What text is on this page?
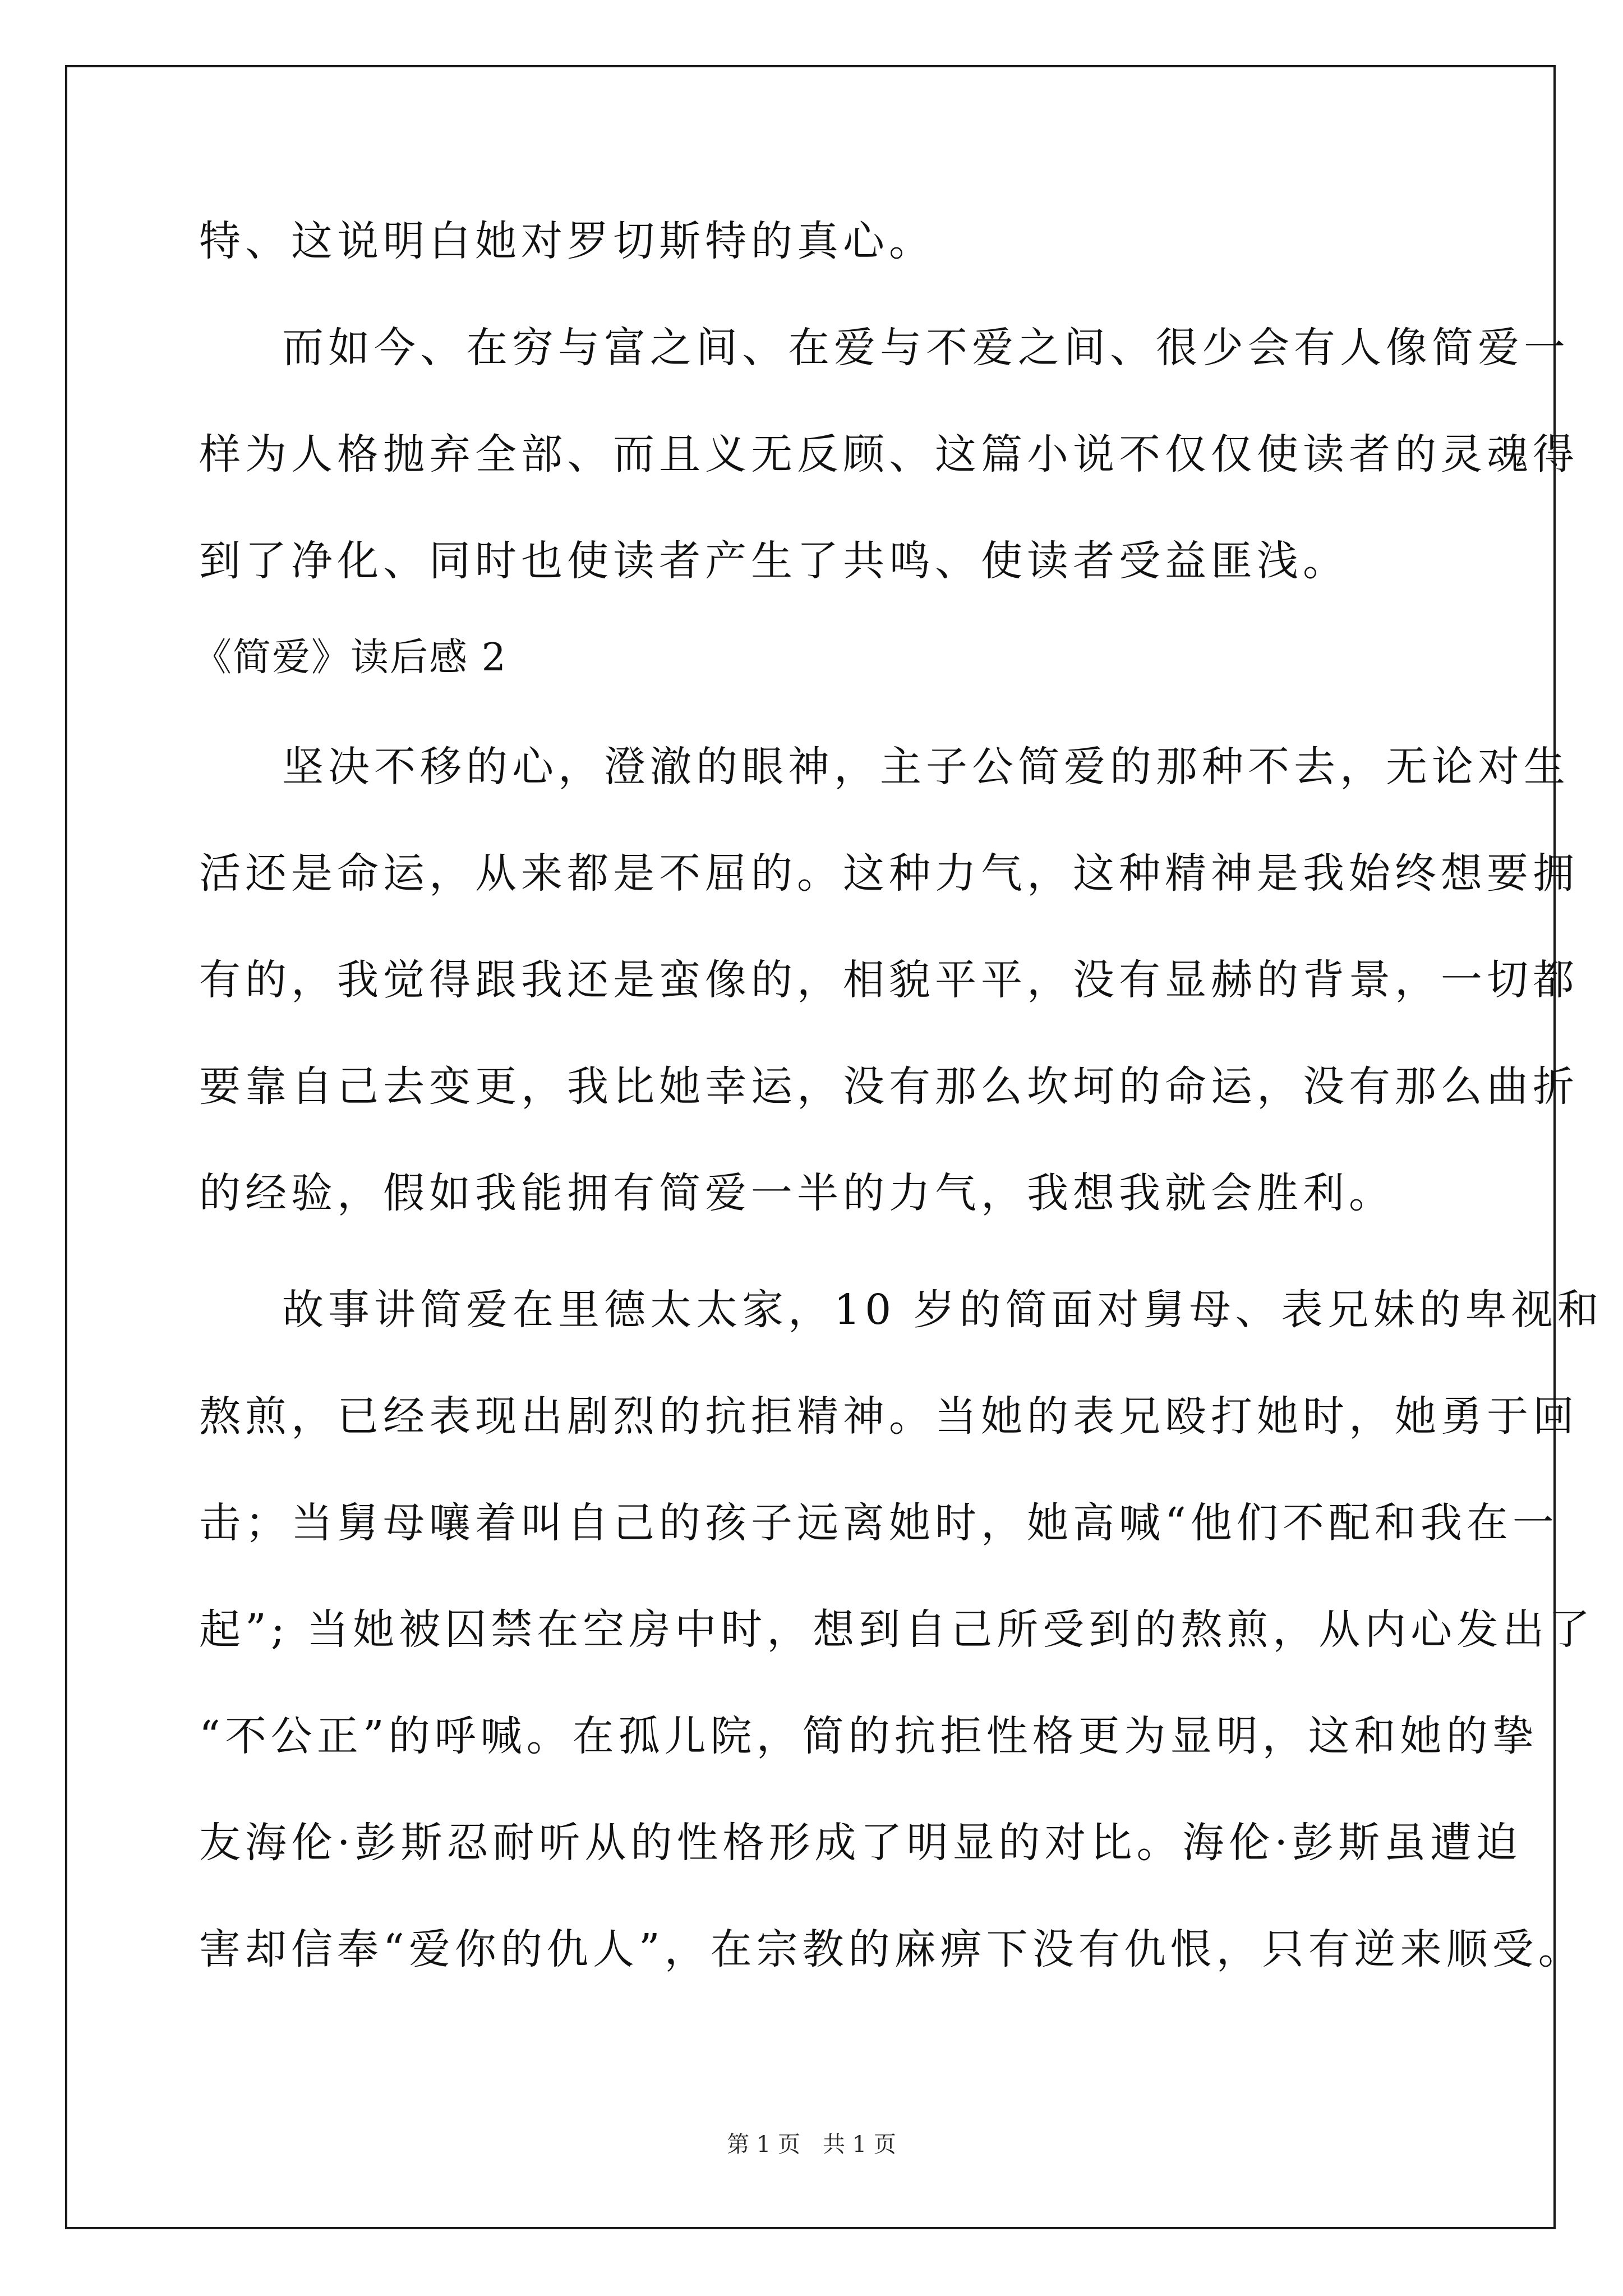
特、这说明白她对罗切斯特的真心。
而如今、在穷与富之间、在爱与不爱之间、很少会有人像简爱一
样为人格抛弃全部、而且义无反顾、这篇小说不仅仅使读者的灵魂得
到了净化、同时也使读者产生了共鸣、使读者受益匪浅。
《简爱》读后感 2
坚决不移的心，澄澈的眼神，主子公简爱的那种不去，无论对生
活还是命运，从来都是不屈的。这种力气，这种精神是我始终想要拥
有的，我觉得跟我还是蛮像的，相貌平平，没有显赫的背景，一切都
要靠自己去变更，我比她幸运，没有那么坎坷的命运，没有那么曲折
的经验，假如我能拥有简爱一半的力气，我想我就会胜利。
故事讲简爱在里德太太家，10 岁的简面对舅母、表兄妹的卑视和
熬煎，已经表现出剧烈的抗拒精神。当她的表兄殴打她时，她勇于回
击；当舅母嚷着叫自己的孩子远离她时，她高喊“他们不配和我在一
起”; 当她被囚禁在空房中时，想到自己所受到的熬煎，从内心发出了
“不公正”的呼喊。在孤儿院，简的抗拒性格更为显明，这和她的挚
友海伦·彭斯忍耐听从的性格形成了明显的对比。海伦·彭斯虽遭迫
害却信奉“爱你的仇人”，在宗教的麻痹下没有仇恨，只有逆来顺受。
第 1 页　共 1 页
